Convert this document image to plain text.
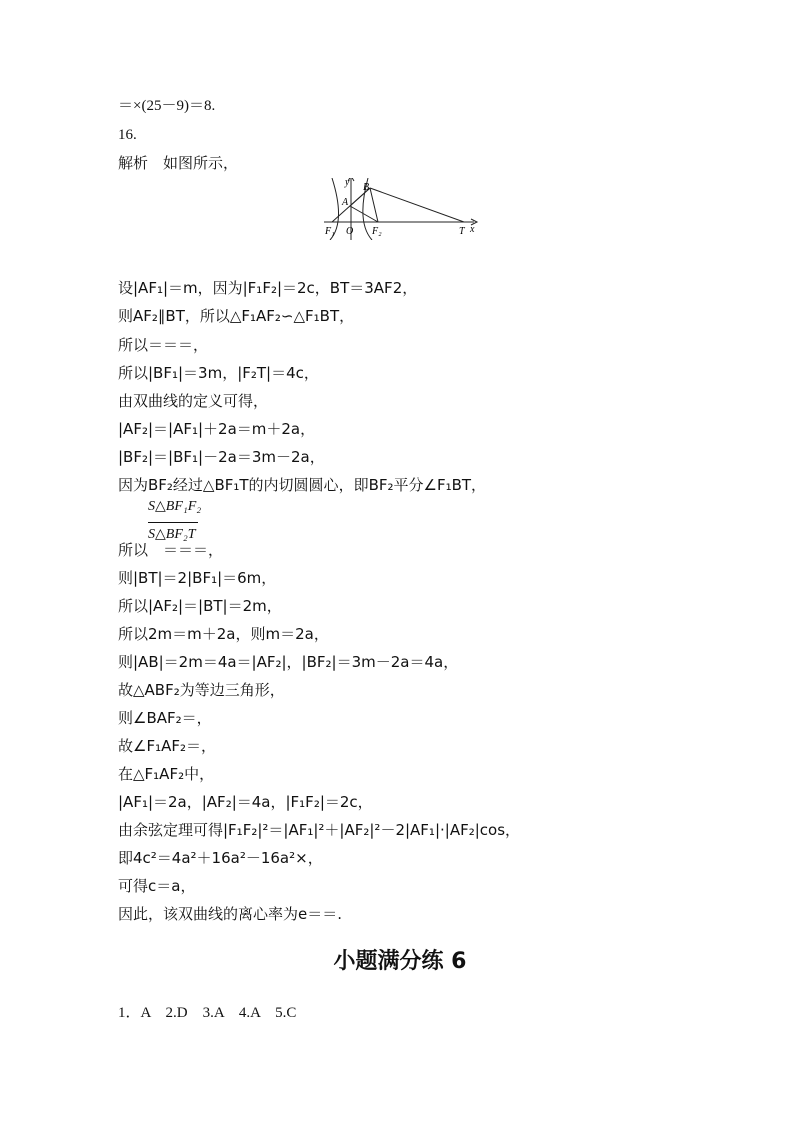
＝×(25－9)＝8.
16.
解析　如图所示，
y
x
B
A
F₁ O F₂	T
设|AF₁|＝m，因为|F₁F₂|＝2c，BT＝3AF2，
则AF₂∥BT，所以△F₁AF₂∽△F₁BT，
所以＝＝＝，
所以|BF₁|＝3m，|F₂T|＝4c，
由双曲线的定义可得，
|AF₂|＝|AF₁|＋2a＝m＋2a，
|BF₂|＝|BF₁|－2a＝3m－2a，
因为BF₂经过△BF₁T的内切圆圆心，即BF₂平分∠F₁BT，
S△BF₁F₂
S△BF₂T
所以　＝＝＝，
则|BT|＝2|BF₁|＝6m，
所以|AF₂|＝|BT|＝2m，
所以2m＝m＋2a，则m＝2a，
则|AB|＝2m＝4a＝|AF₂|，|BF₂|＝3m－2a＝4a，
故△ABF₂为等边三角形，
则∠BAF₂＝，
故∠F₁AF₂＝，
在△F₁AF₂中，
|AF₁|＝2a，|AF₂|＝4a，|F₁F₂|＝2c，
由余弦定理可得|F₁F₂|²＝|AF₁|²＋|AF₂|²－2|AF₁|·|AF₂|cos，
即4c²＝4a²＋16a²－16a²×，
可得c＝a，
因此，该双曲线的离心率为e＝＝.
小题满分练 6
1．A　2.D　3.A　4.A　5.C
